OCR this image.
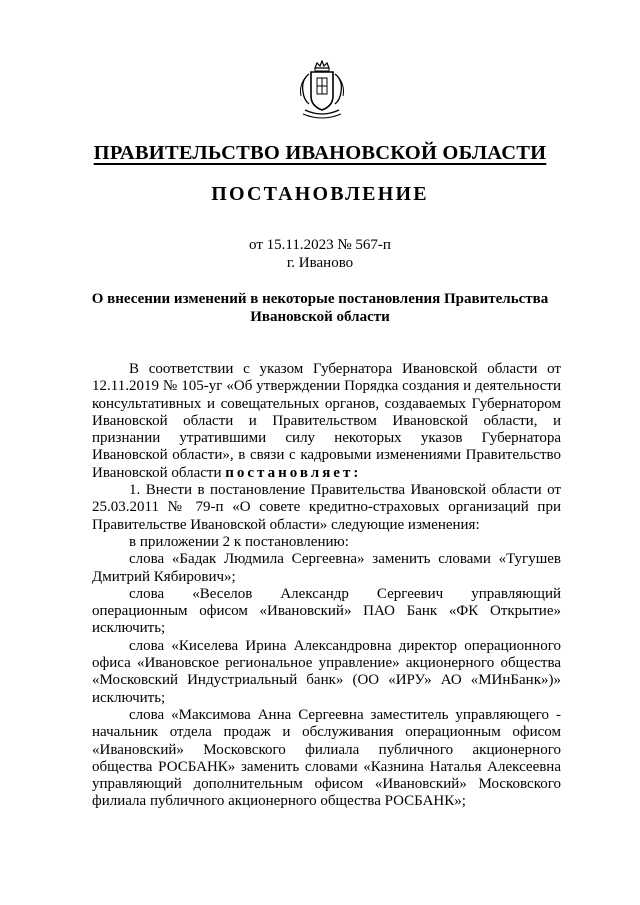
ПРАВИТЕЛЬСТВО ИВАНОВСКОЙ ОБЛАСТИ
ПОСТАНОВЛЕНИЕ
от 15.11.2023 № 567-п
г. Иваново
О внесении изменений в некоторые постановления Правительства Ивановской области

В соответствии с указом Губернатора Ивановской области от 12.11.2019 № 105-уг «Об утверждении Порядка создания и деятельности консультативных и совещательных органов, создаваемых Губернатором Ивановской области и Правительством Ивановской области, и признании утратившими силу некоторых указов Губернатора Ивановской области», в связи с кадровыми изменениями Правительство Ивановской области постановляет:

1. Внести в постановление Правительства Ивановской области от 25.03.2011 № 79-п «О совете кредитно-страховых организаций при Правительстве Ивановской области» следующие изменения:

в приложении 2 к постановлению:

слова «Бадак Людмила Сергеевна» заменить словами «Тугушев Дмитрий Кябирович»;

слова «Веселов Александр Сергеевич управляющий операционным офисом «Ивановский» ПАО Банк «ФК Открытие» исключить;

слова «Киселева Ирина Александровна директор операционного офиса «Ивановское региональное управление» акционерного общества «Московский Индустриальный банк» (ОО «ИРУ» АО «МИнБанк»)» исключить;

слова «Максимова Анна Сергеевна заместитель управляющего - начальник отдела продаж и обслуживания операционным офисом «Ивановский» Московского филиала публичного акционерного общества РОСБАНК» заменить словами «Казнина Наталья Алексеевна управляющий дополнительным офисом «Ивановский» Московского филиала публичного акционерного общества РОСБАНК»;
